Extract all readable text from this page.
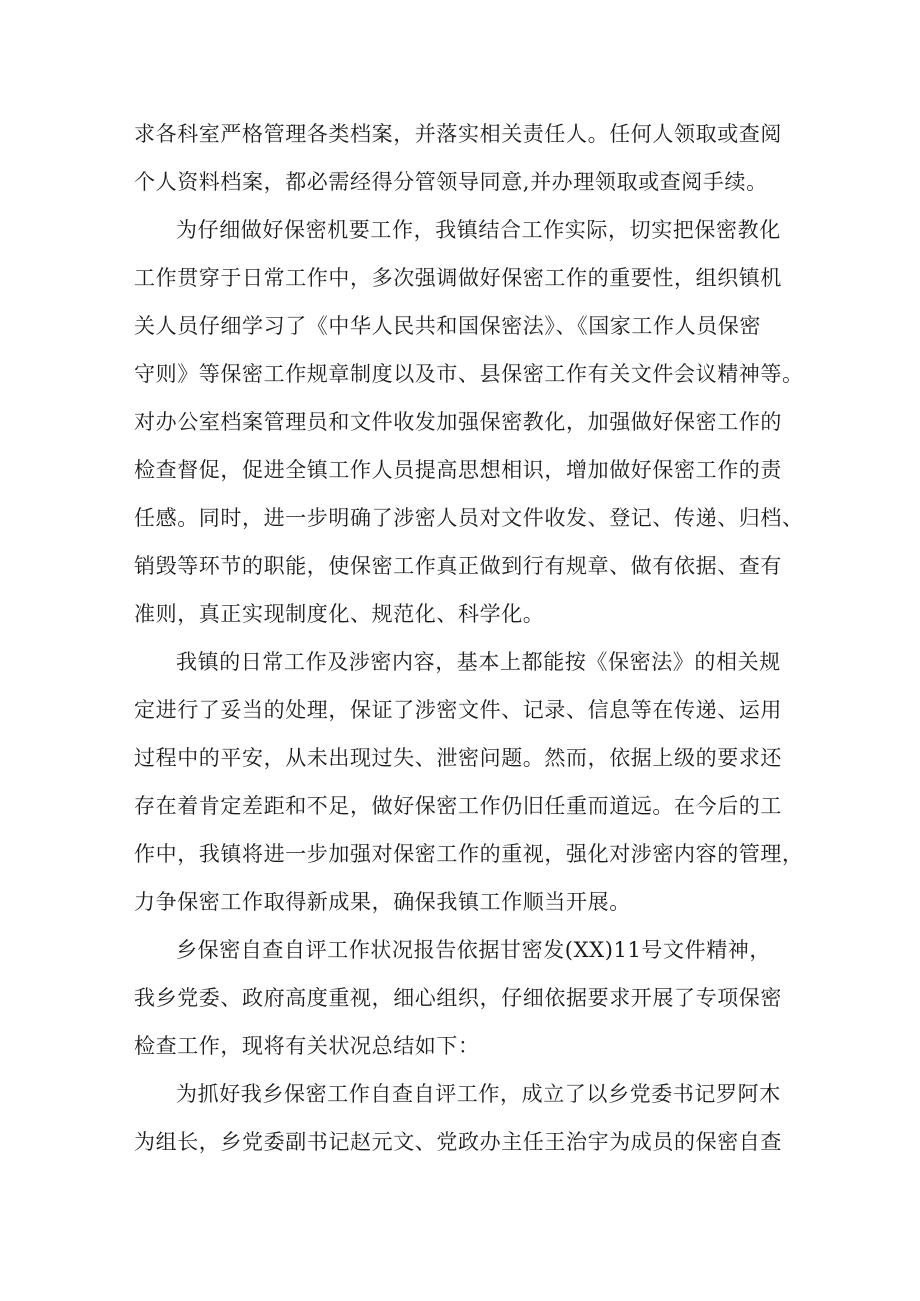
求各科室严格管理各类档案，并落实相关责任人。任何人领取或查阅
个人资料档案，都必需经得分管领导同意,并办理领取或查阅手续。
为仔细做好保密机要工作，我镇结合工作实际，切实把保密教化
工作贯穿于日常工作中，多次强调做好保密工作的重要性，组织镇机
关人员仔细学习了《中华人民共和国保密法》、《国家工作人员保密
守则》等保密工作规章制度以及市、县保密工作有关文件会议精神等。
对办公室档案管理员和文件收发加强保密教化，加强做好保密工作的
检查督促，促进全镇工作人员提高思想相识，增加做好保密工作的责
任感。同时，进一步明确了涉密人员对文件收发、登记、传递、归档、
销毁等环节的职能，使保密工作真正做到行有规章、做有依据、查有
准则，真正实现制度化、规范化、科学化。
我镇的日常工作及涉密内容，基本上都能按《保密法》的相关规
定进行了妥当的处理，保证了涉密文件、记录、信息等在传递、运用
过程中的平安，从未出现过失、泄密问题。然而，依据上级的要求还
存在着肯定差距和不足，做好保密工作仍旧任重而道远。在今后的工
作中，我镇将进一步加强对保密工作的重视，强化对涉密内容的管理，
力争保密工作取得新成果，确保我镇工作顺当开展。
乡保密自查自评工作状况报告依据甘密发(XX)11号文件精神，
我乡党委、政府高度重视，细心组织，仔细依据要求开展了专项保密
检查工作，现将有关状况总结如下：
为抓好我乡保密工作自查自评工作，成立了以乡党委书记罗阿木
为组长，乡党委副书记赵元文、党政办主任王治宇为成员的保密自查
